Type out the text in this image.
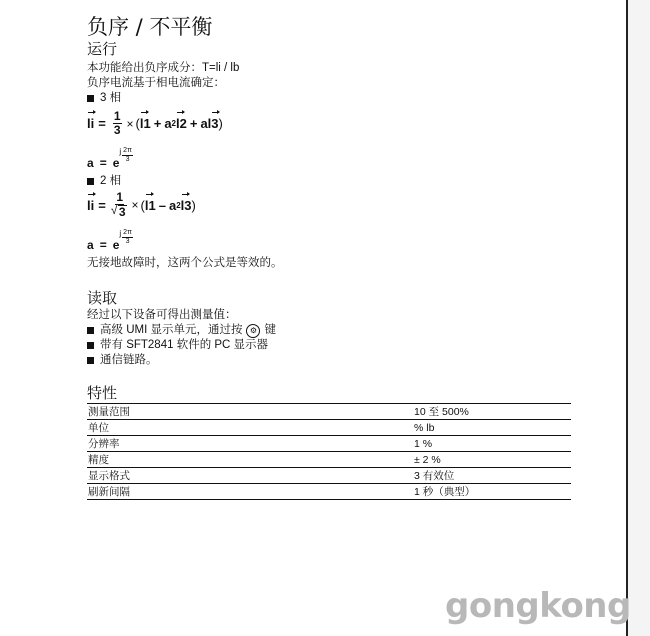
负序 / 不平衡
运行

本功能给出负序成分：T=li / lb

负序电流基于相电流确定：

3 相
li = $\frac{1}{3}$ × ( l1 + a 2 l2 + al 3 )
a = e
j $\frac{2\pi}{3}$
2 相
li = 1
√ 3 × ( l1 – a 2 l3 )
a = e
j $\frac{2\pi}{3}$

无接地故障时，这两个公式是等效的。

读取

经过以下设备可得出测量值：

高级 UMI 显示单元，通过按 ⚙ 键
带有 SFT2841 软件的 PC 显示器
通信链路。
特性
测量范围	10 至 500%
单位	% lb
分辨率	1 %
精度	± 2 %
显示格式	3 有效位
刷新间隔	1 秒（典型）
gongkong
